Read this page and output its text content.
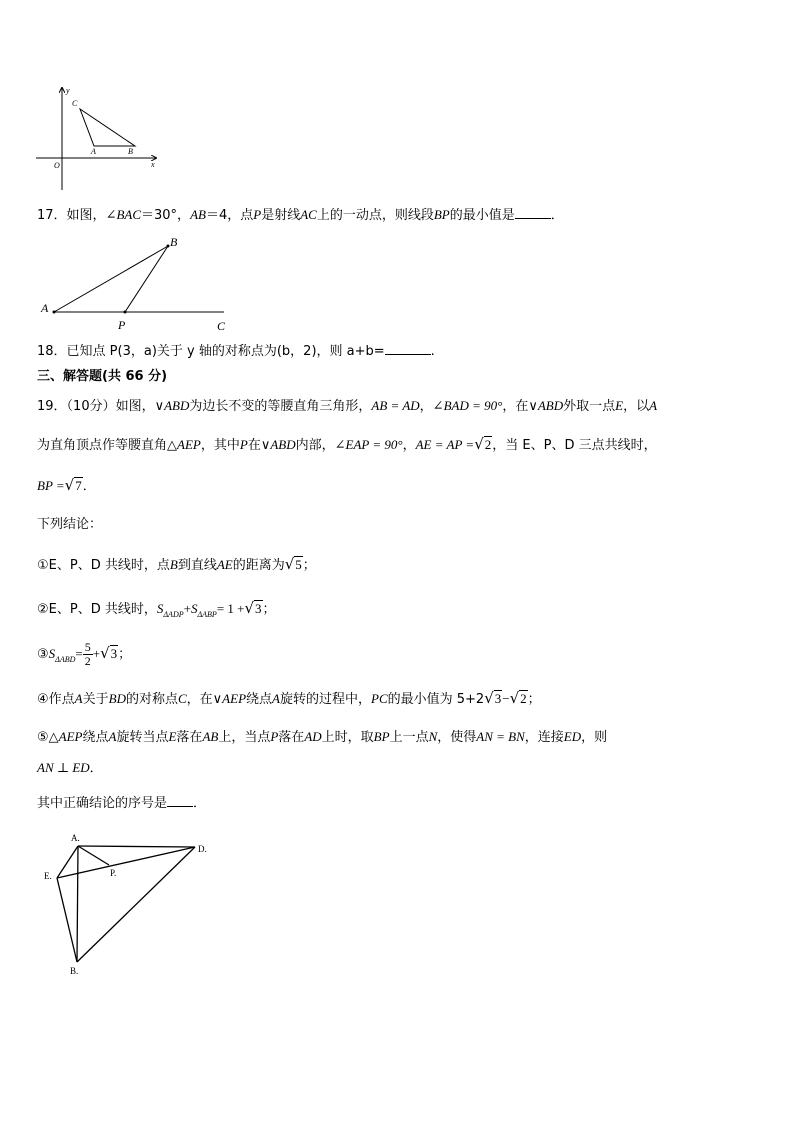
y
x
O
C
A	B
17．如图，∠BAC＝30°，AB＝4，点P是射线AC上的一动点，则线段BP的最小值是	．
A
B
P	C
18．已知点 P(3，a)关于 y 轴的对称点为(b，2)，则 a+b=	.
三、解答题(共 66 分)
19．（10分）如图，∨ABD为边长不变的等腰直角三角形，AB = AD，∠BAD = 90°，在∨ABD外取一点E，以A
为直角顶点作等腰直角△AEP，其中P在∨ABD内部，∠EAP = 90°，AE = AP =√2，当 E、P、D 三点共线时，
BP =√7．
下列结论：
①E、P、D 共线时，点B到直线AE的距离为√5；
②E、P、D 共线时，$S_{\Delta ADP}+S_{\Delta ABP}= 1 +√3$；
$③S_{\Delta ABD}= \frac{5}{2} +√3$；
④作点A关于BD的对称点C，在∨AEP绕点A旋转的过程中，PC的最小值为 5+2√3−√2；
⑤△AEP绕点A旋转当点E落在AB上，当点P落在AD上时，取BP上一点N，使得AN = BN，连接ED，则
AN ⊥ ED．
其中正确结论的序号是 ．
A.
D.
E.	P.
B.
